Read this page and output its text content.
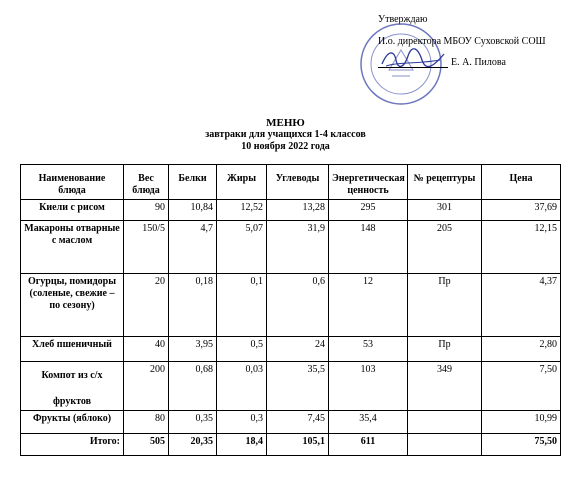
Утверждаю
И.о. директора МБОУ Суховской СОШ
Е. А. Пилова
МЕНЮ
завтраки для учащихся 1-4 классов
10 ноября 2022 года
Наименование блюда	Вес блюда	Белки	Жиры	Углеводы	Энергетическая ценность	№ рецептуры	Цена
Киели с рисом	90	10,84	12,52	13,28	295	301	37,69
Макароны отварные с маслом	150/5	4,7	5,07	31,9	148	205	12,15
Огурцы, помидоры (соленые, свежие – по сезону)	20	0,18	0,1	0,6	12	Пр	4,37
Хлеб пшеничный	40	3,95	0,5	24	53	Пр	2,80

Компот из с/х
фруктов	200	0,68	0,03	35,5	103	349	7,50
Фрукты (яблоко)	80	0,35	0,3	7,45	35,4		10,99
Итого:	505	20,35	18,4	105,1	611		75,50
